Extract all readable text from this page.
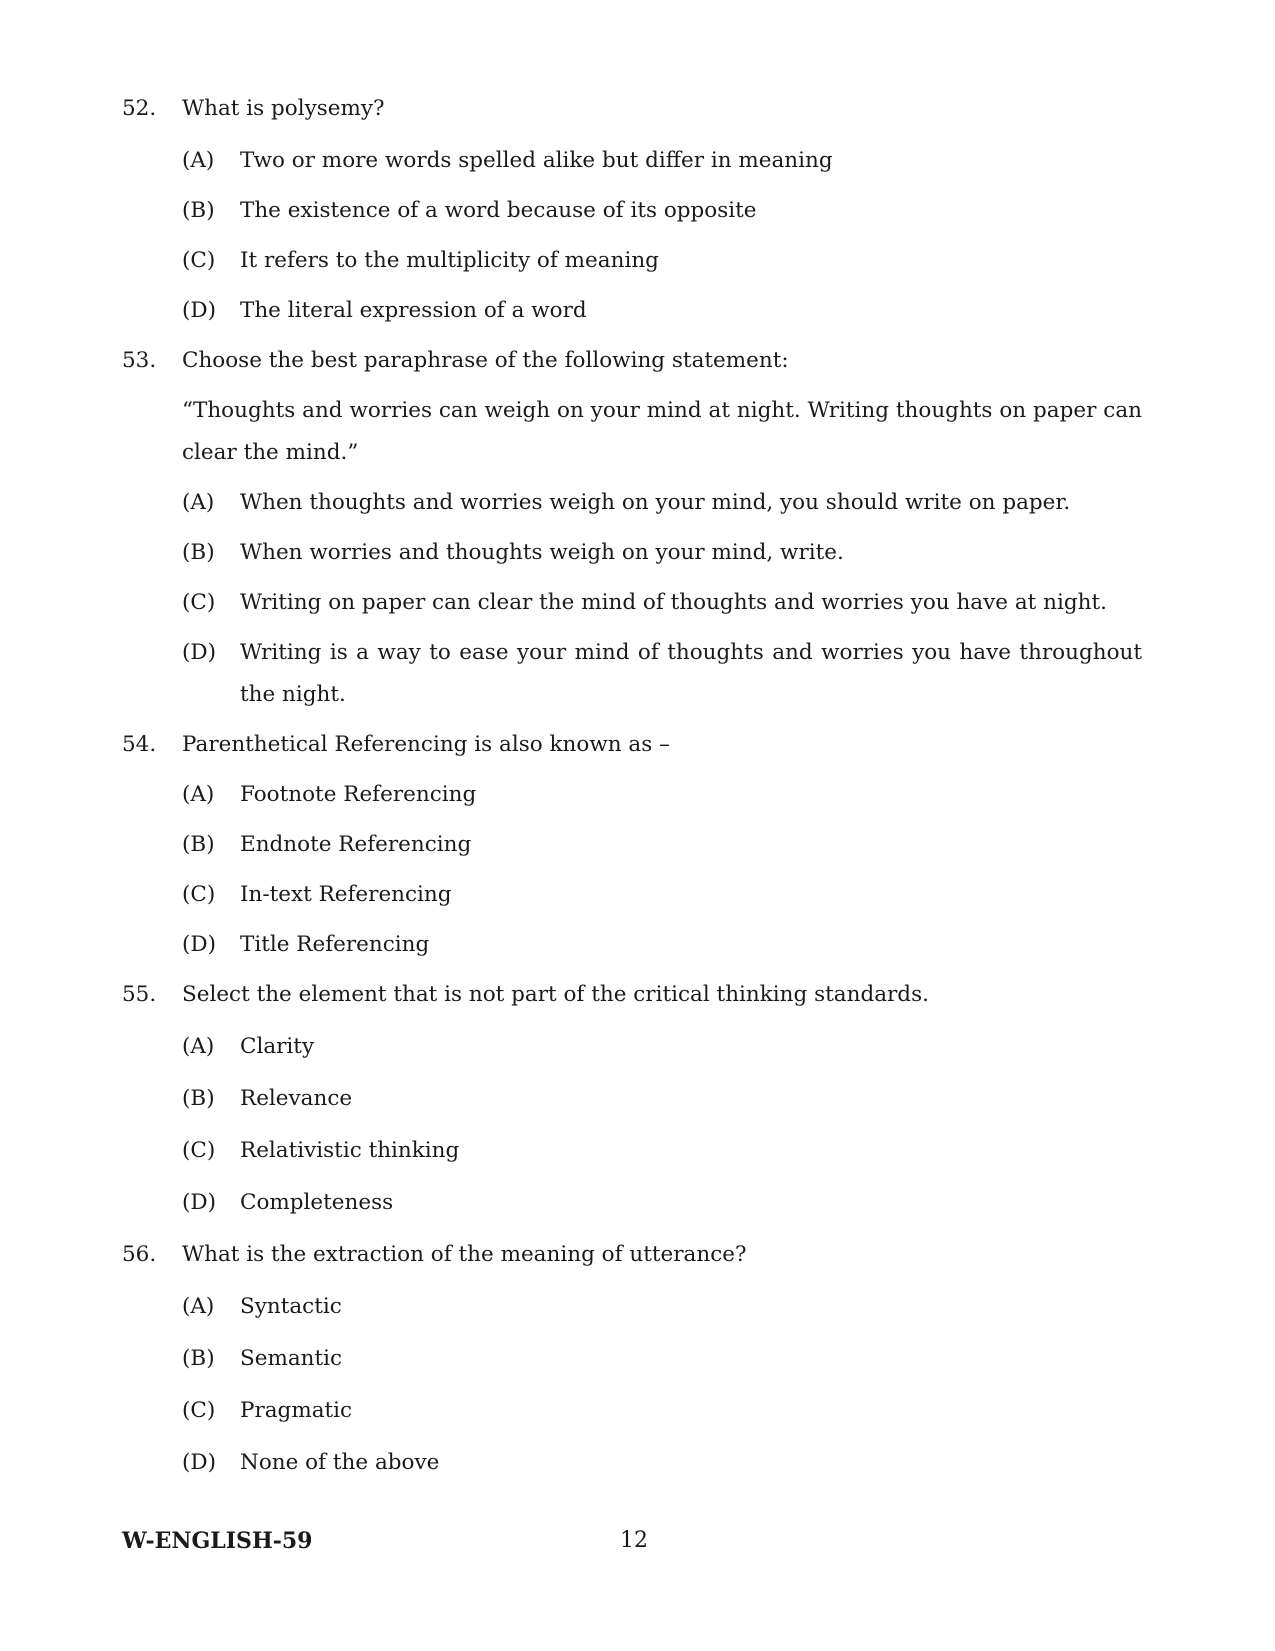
52. What is polysemy?
(A) Two or more words spelled alike but differ in meaning
(B) The existence of a word because of its opposite
(C) It refers to the multiplicity of meaning
(D) The literal expression of a word
53. Choose the best paraphrase of the following statement:
“Thoughts and worries can weigh on your mind at night. Writing thoughts on paper can
clear the mind.”
(A) When thoughts and worries weigh on your mind, you should write on paper.
(B) When worries and thoughts weigh on your mind, write.
(C) Writing on paper can clear the mind of thoughts and worries you have at night.
(D) Writing is a way to ease your mind of thoughts and worries you have throughout
the night.
54. Parenthetical Referencing is also known as –
(A) Footnote Referencing
(B) Endnote Referencing
(C) In-text Referencing
(D) Title Referencing
55. Select the element that is not part of the critical thinking standards.
(A) Clarity
(B) Relevance
(C) Relativistic thinking
(D) Completeness
56. What is the extraction of the meaning of utterance?
(A) Syntactic
(B) Semantic
(C) Pragmatic
(D) None of the above
W-ENGLISH-59	12
